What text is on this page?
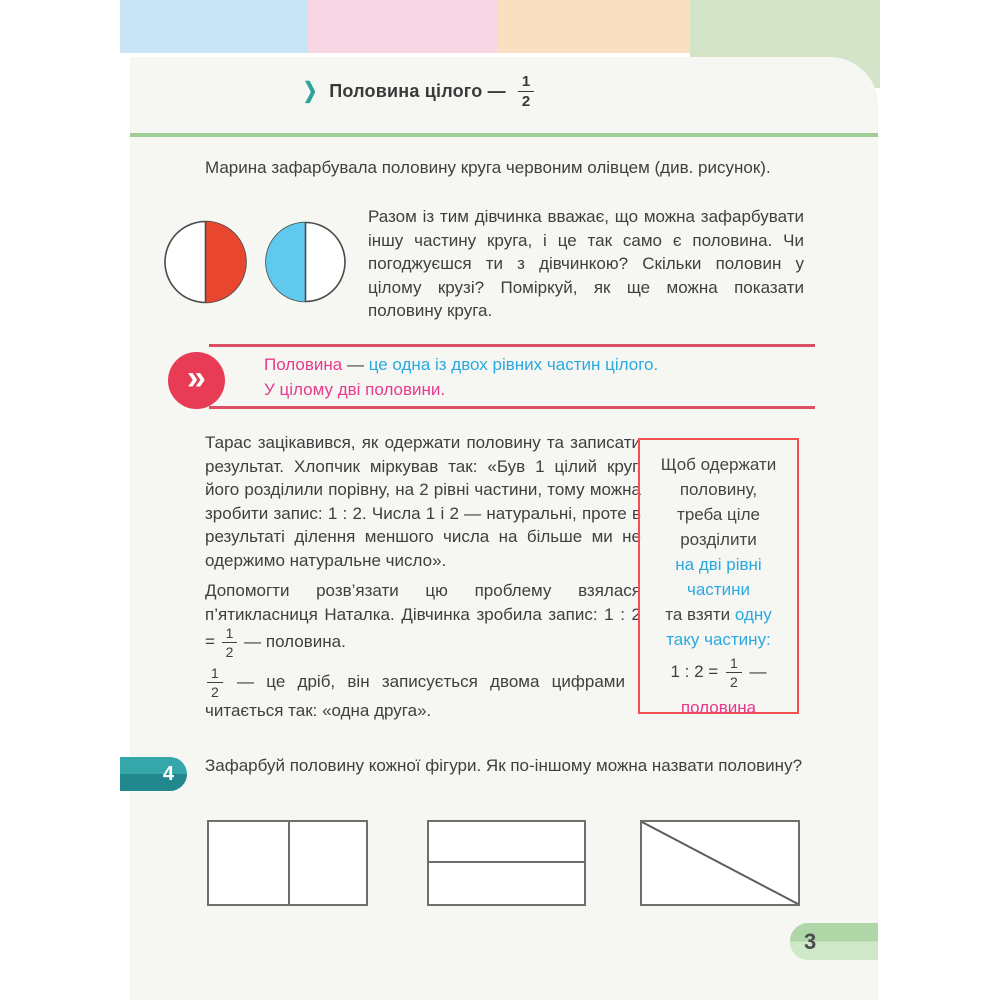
❯ Половина цілого — $\frac{1}{2}$

Марина зафарбувала половину круга червоним олівцем (див. рисунок).

Разом із тим дівчинка вважає, що можна зафарбувати іншу частину круга, і це так само є половина. Чи погоджуєшся ти з дівчинкою? Скільки половин у цілому крузі? Поміркуй, як ще можна показати половину круга.

»	Половина — це одна із двох рівних частин цілого.
У цілому дві половини.

Тарас зацікавився, як одержати половину та записати результат. Хлопчик міркував так: «Був 1 цілий круг, його розділили порівну, на 2 рівні частини, тому можна зробити запис: 1 : 2. Числа 1 і 2 — натуральні, проте в результаті ділення меншого числа на більше ми не одержимо натуральне число».

Допомогти розв’язати цю проблему взялася п’ятикласниця Наталка. Дівчинка зробила запис: 1 : $2 = \frac{1}{2}$ — половина.

$\frac{1}{2}$ — це дріб, він записується двома цифрами і читається так: «одна друга».

Щоб одержати
половину,
треба ціле
розділити
на дві рівні
частини
та взяти одну
таку частину:
1 : $2 = \frac{1}{2}$ —
половина
4 Зафарбуй половину кожної фігури. Як по-іншому можна назвати половину?

3
